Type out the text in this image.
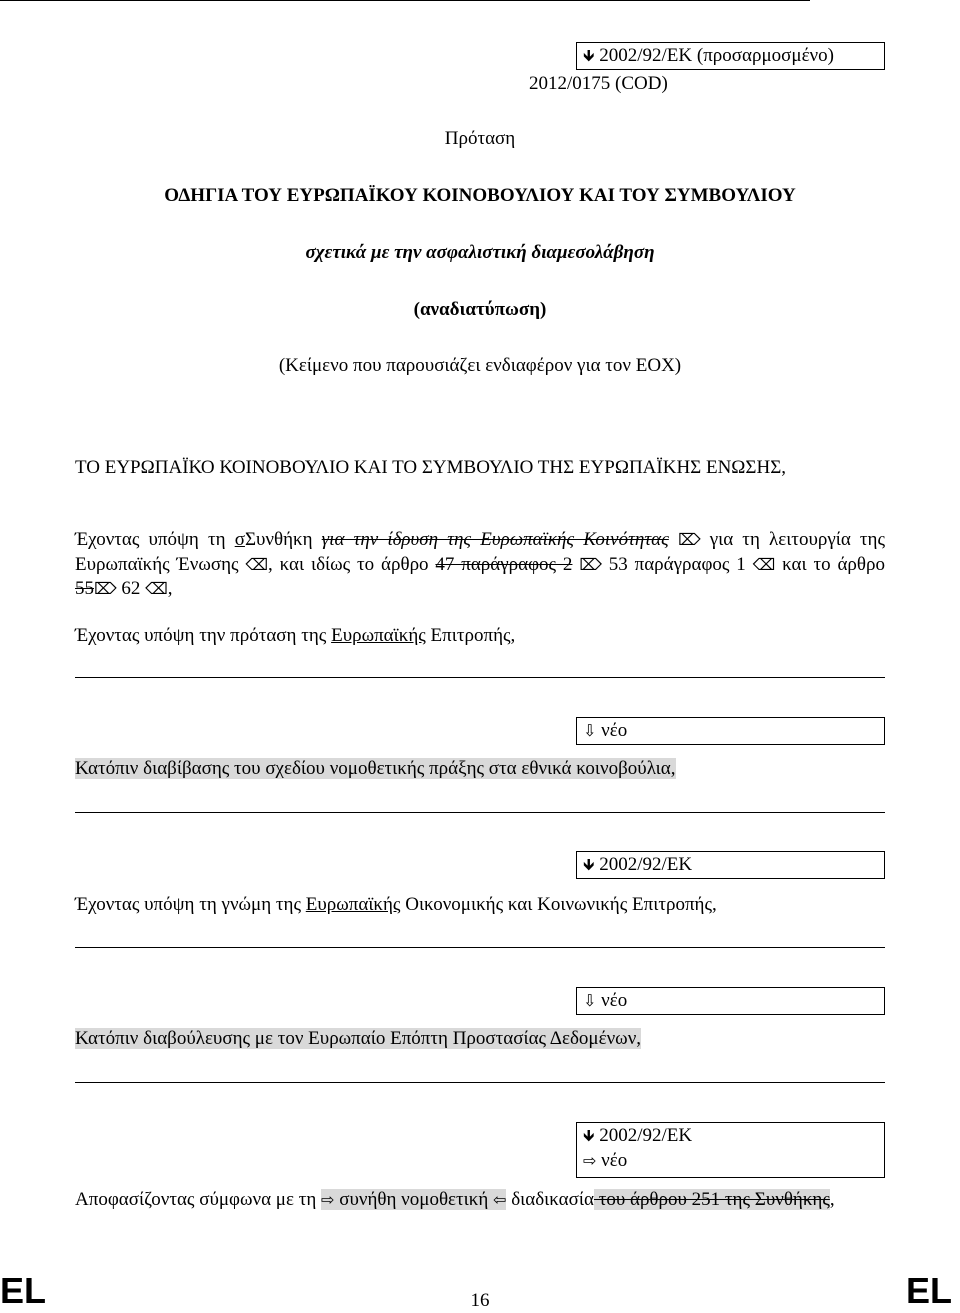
🡻 2002/92/ΕΚ (προσαρμοσμένο)
2012/0175 (COD)
Πρόταση
ΟΔΗΓΙΑ ΤΟΥ ΕΥΡΩΠΑΪΚΟΥ ΚΟΙΝΟΒΟΥΛΙΟΥ ΚΑΙ ΤΟΥ ΣΥΜΒΟΥΛΙΟΥ
σχετικά με την ασφαλιστική διαμεσολάβηση
(αναδιατύπωση)
(Κείμενο που παρουσιάζει ενδιαφέρον για τον ΕΟΧ)
ΤΟ ΕΥΡΩΠΑΪΚΟ ΚΟΙΝΟΒΟΥΛΙΟ ΚΑΙ ΤΟ ΣΥΜΒΟΥΛΙΟ ΤΗΣ ΕΥΡΩΠΑΪΚΗΣ ΕΝΩΣΗΣ,
Έχοντας υπόψη τη σΣυνθήκη για την ίδρυση της Ευρωπαϊκής Κοινότητας ⌦ για τη λειτουργία της Ευρωπαϊκής Ένωσης ⌫, και ιδίως το άρθρο 47 παράγραφος 2 ⌦ 53 παράγραφος 1 ⌫ και το άρθρο 55⌦ 62 ⌫,
Έχοντας υπόψη την πρόταση της Ευρωπαϊκής Επιτροπής,
⇩ νέο
Κατόπιν διαβίβασης του σχεδίου νομοθετικής πράξης στα εθνικά κοινοβούλια,
🡻 2002/92/ΕΚ
Έχοντας υπόψη τη γνώμη της Ευρωπαϊκής Οικονομικής και Κοινωνικής Επιτροπής,
⇩ νέο
Κατόπιν διαβούλευσης με τον Ευρωπαίο Επόπτη Προστασίας Δεδομένων,
🡻 2002/92/ΕΚ
⇨ νέο
Αποφασίζοντας σύμφωνα με τη ⇨ συνήθη νομοθετική ⇦ διαδικασία του άρθρου 251 της Συνθήκης,
EL	16	EL
